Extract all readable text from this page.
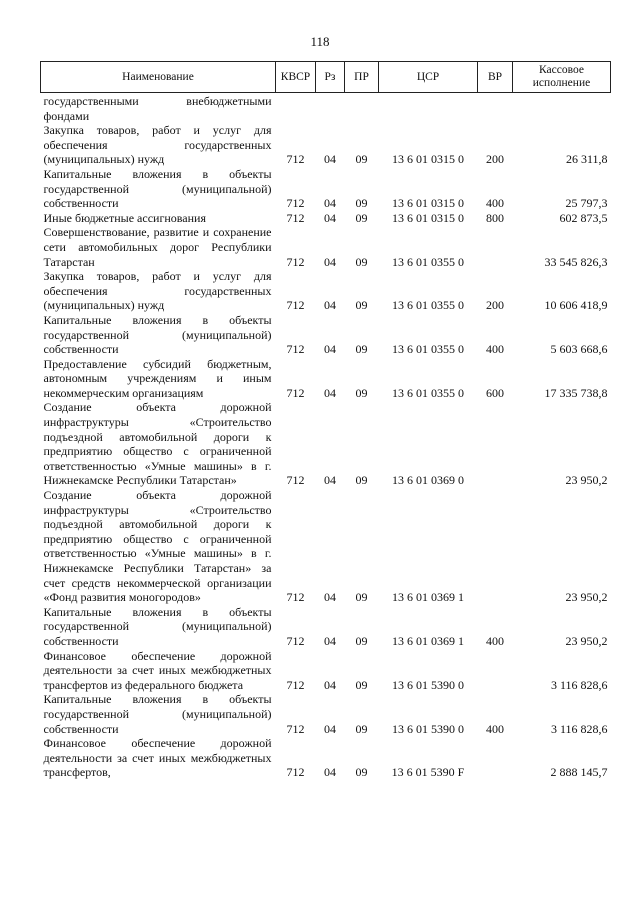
118
Наименование	КВСР	Рз	ПР	ЦСР	ВР	Кассовое исполнение
государственными внебюджетными фондами						
Закупка товаров, работ и услуг для обеспечения государственных (муниципальных) нужд	712	04	09	13 6 01 0315 0	200	26 311,8
Капитальные вложения в объекты государственной (муниципальной) собственности	712	04	09	13 6 01 0315 0	400	25 797,3
Иные бюджетные ассигнования	712	04	09	13 6 01 0315 0	800	602 873,5
Совершенствование, развитие и сохранение сети автомобильных дорог Республики Татарстан	712	04	09	13 6 01 0355 0		33 545 826,3
Закупка товаров, работ и услуг для обеспечения государственных (муниципальных) нужд	712	04	09	13 6 01 0355 0	200	10 606 418,9
Капитальные вложения в объекты государственной (муниципальной) собственности	712	04	09	13 6 01 0355 0	400	5 603 668,6
Предоставление субсидий бюджетным, автономным учреждениям и иным некоммерческим организациям	712	04	09	13 6 01 0355 0	600	17 335 738,8
Создание объекта дорожной инфраструктуры «Строительство подъездной автомобильной дороги к предприятию общество с ограниченной ответственностью «Умные машины» в г. Нижнекамске Республики Татарстан»	712	04	09	13 6 01 0369 0		23 950,2
Создание объекта дорожной инфраструктуры «Строительство подъездной автомобильной дороги к предприятию общество с ограниченной ответственностью «Умные машины» в г. Нижнекамске Республики Татарстан» за счет средств некоммерческой организации «Фонд развития моногородов»	712	04	09	13 6 01 0369 1		23 950,2
Капитальные вложения в объекты государственной (муниципальной) собственности	712	04	09	13 6 01 0369 1	400	23 950,2
Финансовое обеспечение дорожной деятельности за счет иных межбюджетных трансфертов из федерального бюджета	712	04	09	13 6 01 5390 0		3 116 828,6
Капитальные вложения в объекты государственной (муниципальной) собственности	712	04	09	13 6 01 5390 0	400	3 116 828,6
Финансовое обеспечение дорожной деятельности за счет иных межбюджетных трансфертов,	712	04	09	13 6 01 5390 F		2 888 145,7
